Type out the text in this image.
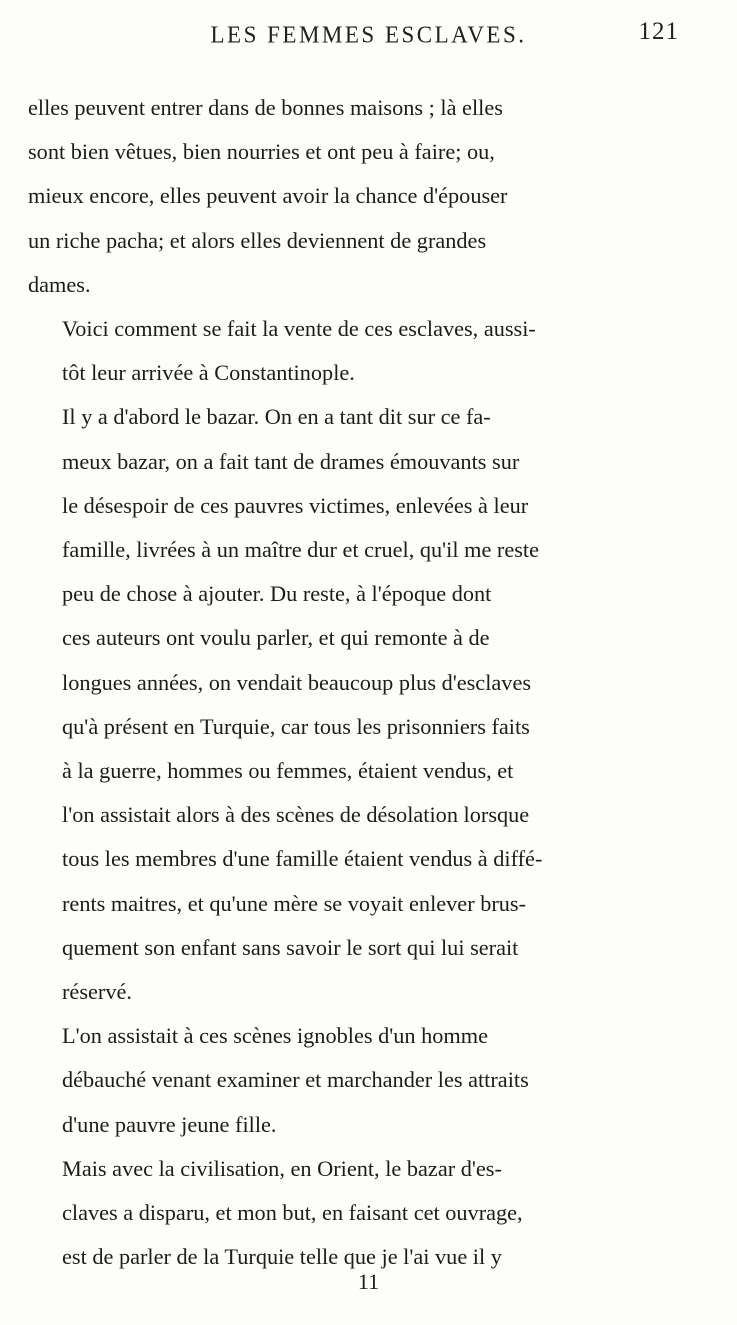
LES FEMMES ESCLAVES.	121

elles peuvent entrer dans de bonnes maisons ; là elles
sont bien vêtues, bien nourries et ont peu à faire; ou,
mieux encore, elles peuvent avoir la chance d'épouser
un riche pacha; et alors elles deviennent de grandes
dames.

Voici comment se fait la vente de ces esclaves, aussi-
tôt leur arrivée à Constantinople.

Il y a d'abord le bazar. On en a tant dit sur ce fa-
meux bazar, on a fait tant de drames émouvants sur
le désespoir de ces pauvres victimes, enlevées à leur
famille, livrées à un maître dur et cruel, qu'il me reste
peu de chose à ajouter. Du reste, à l'époque dont
ces auteurs ont voulu parler, et qui remonte à de
longues années, on vendait beaucoup plus d'esclaves
qu'à présent en Turquie, car tous les prisonniers faits
à la guerre, hommes ou femmes, étaient vendus, et
l'on assistait alors à des scènes de désolation lorsque
tous les membres d'une famille étaient vendus à diffé-
rents maitres, et qu'une mère se voyait enlever brus-
quement son enfant sans savoir le sort qui lui serait
réservé.

L'on assistait à ces scènes ignobles d'un homme
débauché venant examiner et marchander les attraits
d'une pauvre jeune fille.

Mais avec la civilisation, en Orient, le bazar d'es-
claves a disparu, et mon but, en faisant cet ouvrage,
est de parler de la Turquie telle que je l'ai vue il y

11
